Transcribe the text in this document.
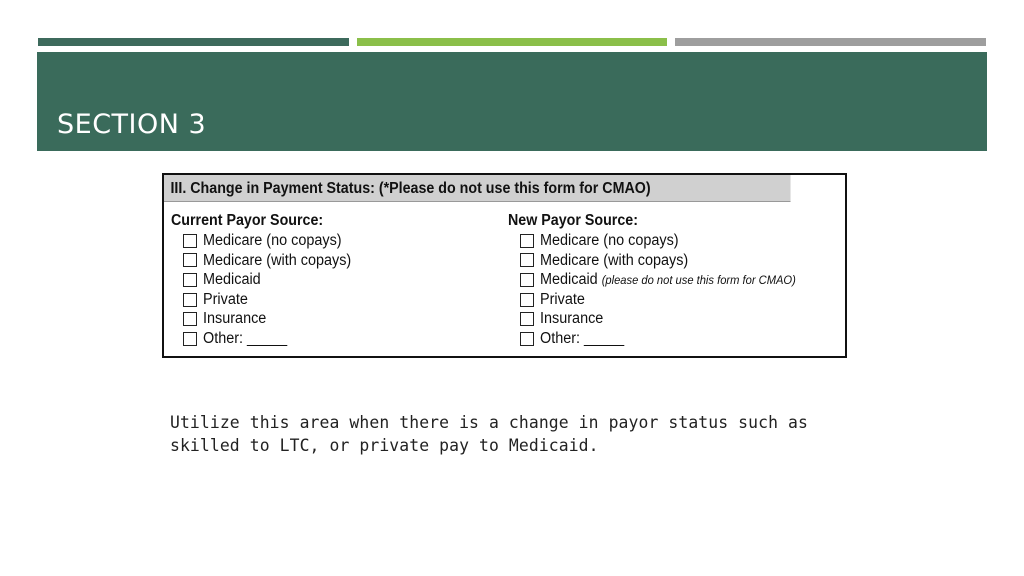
SECTION 3
III. Change in Payment Status: (*Please do not use this form for CMAO)
Current Payor Source:
Medicare (no copays)
Medicare (with copays)
Medicaid
Private
Insurance
Other: _____
New Payor Source:
Medicare (no copays)
Medicare (with copays)
Medicaid (please do not use this form for CMAO)
Private
Insurance
Other: _____
Utilize this area when there is a change in payor status such as skilled to LTC, or private pay to Medicaid.
